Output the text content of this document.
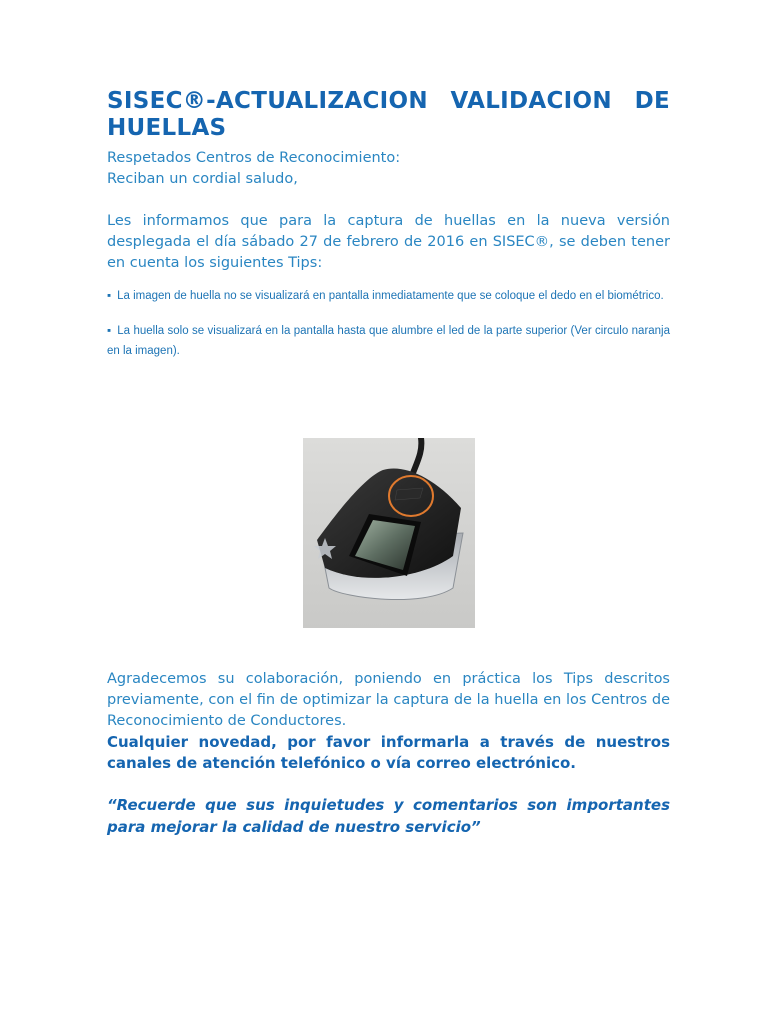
SISEC®-ACTUALIZACION VALIDACION DE
HUELLAS

Respetados Centros de Reconocimiento:

Reciban un cordial saludo,

Les informamos que para la captura de huellas en la nueva versión desplegada el día sábado 27 de febrero de 2016 en SISEC®, se deben tener en cuenta los siguientes Tips:

▪ La imagen de huella no se visualizará en pantalla inmediatamente que se coloque el dedo en el biométrico.

▪ La huella solo se visualizará en la pantalla hasta que alumbre el led de la parte superior (Ver circulo naranja en la imagen).

Agradecemos su colaboración, poniendo en práctica los Tips descritos previamente, con el fin de optimizar la captura de la huella en los Centros de Reconocimiento de Conductores.

Cualquier novedad, por favor informarla a través de nuestros canales de atención telefónico o vía correo electrónico.

“Recuerde que sus inquietudes y comentarios son importantes para mejorar la calidad de nuestro servicio”
